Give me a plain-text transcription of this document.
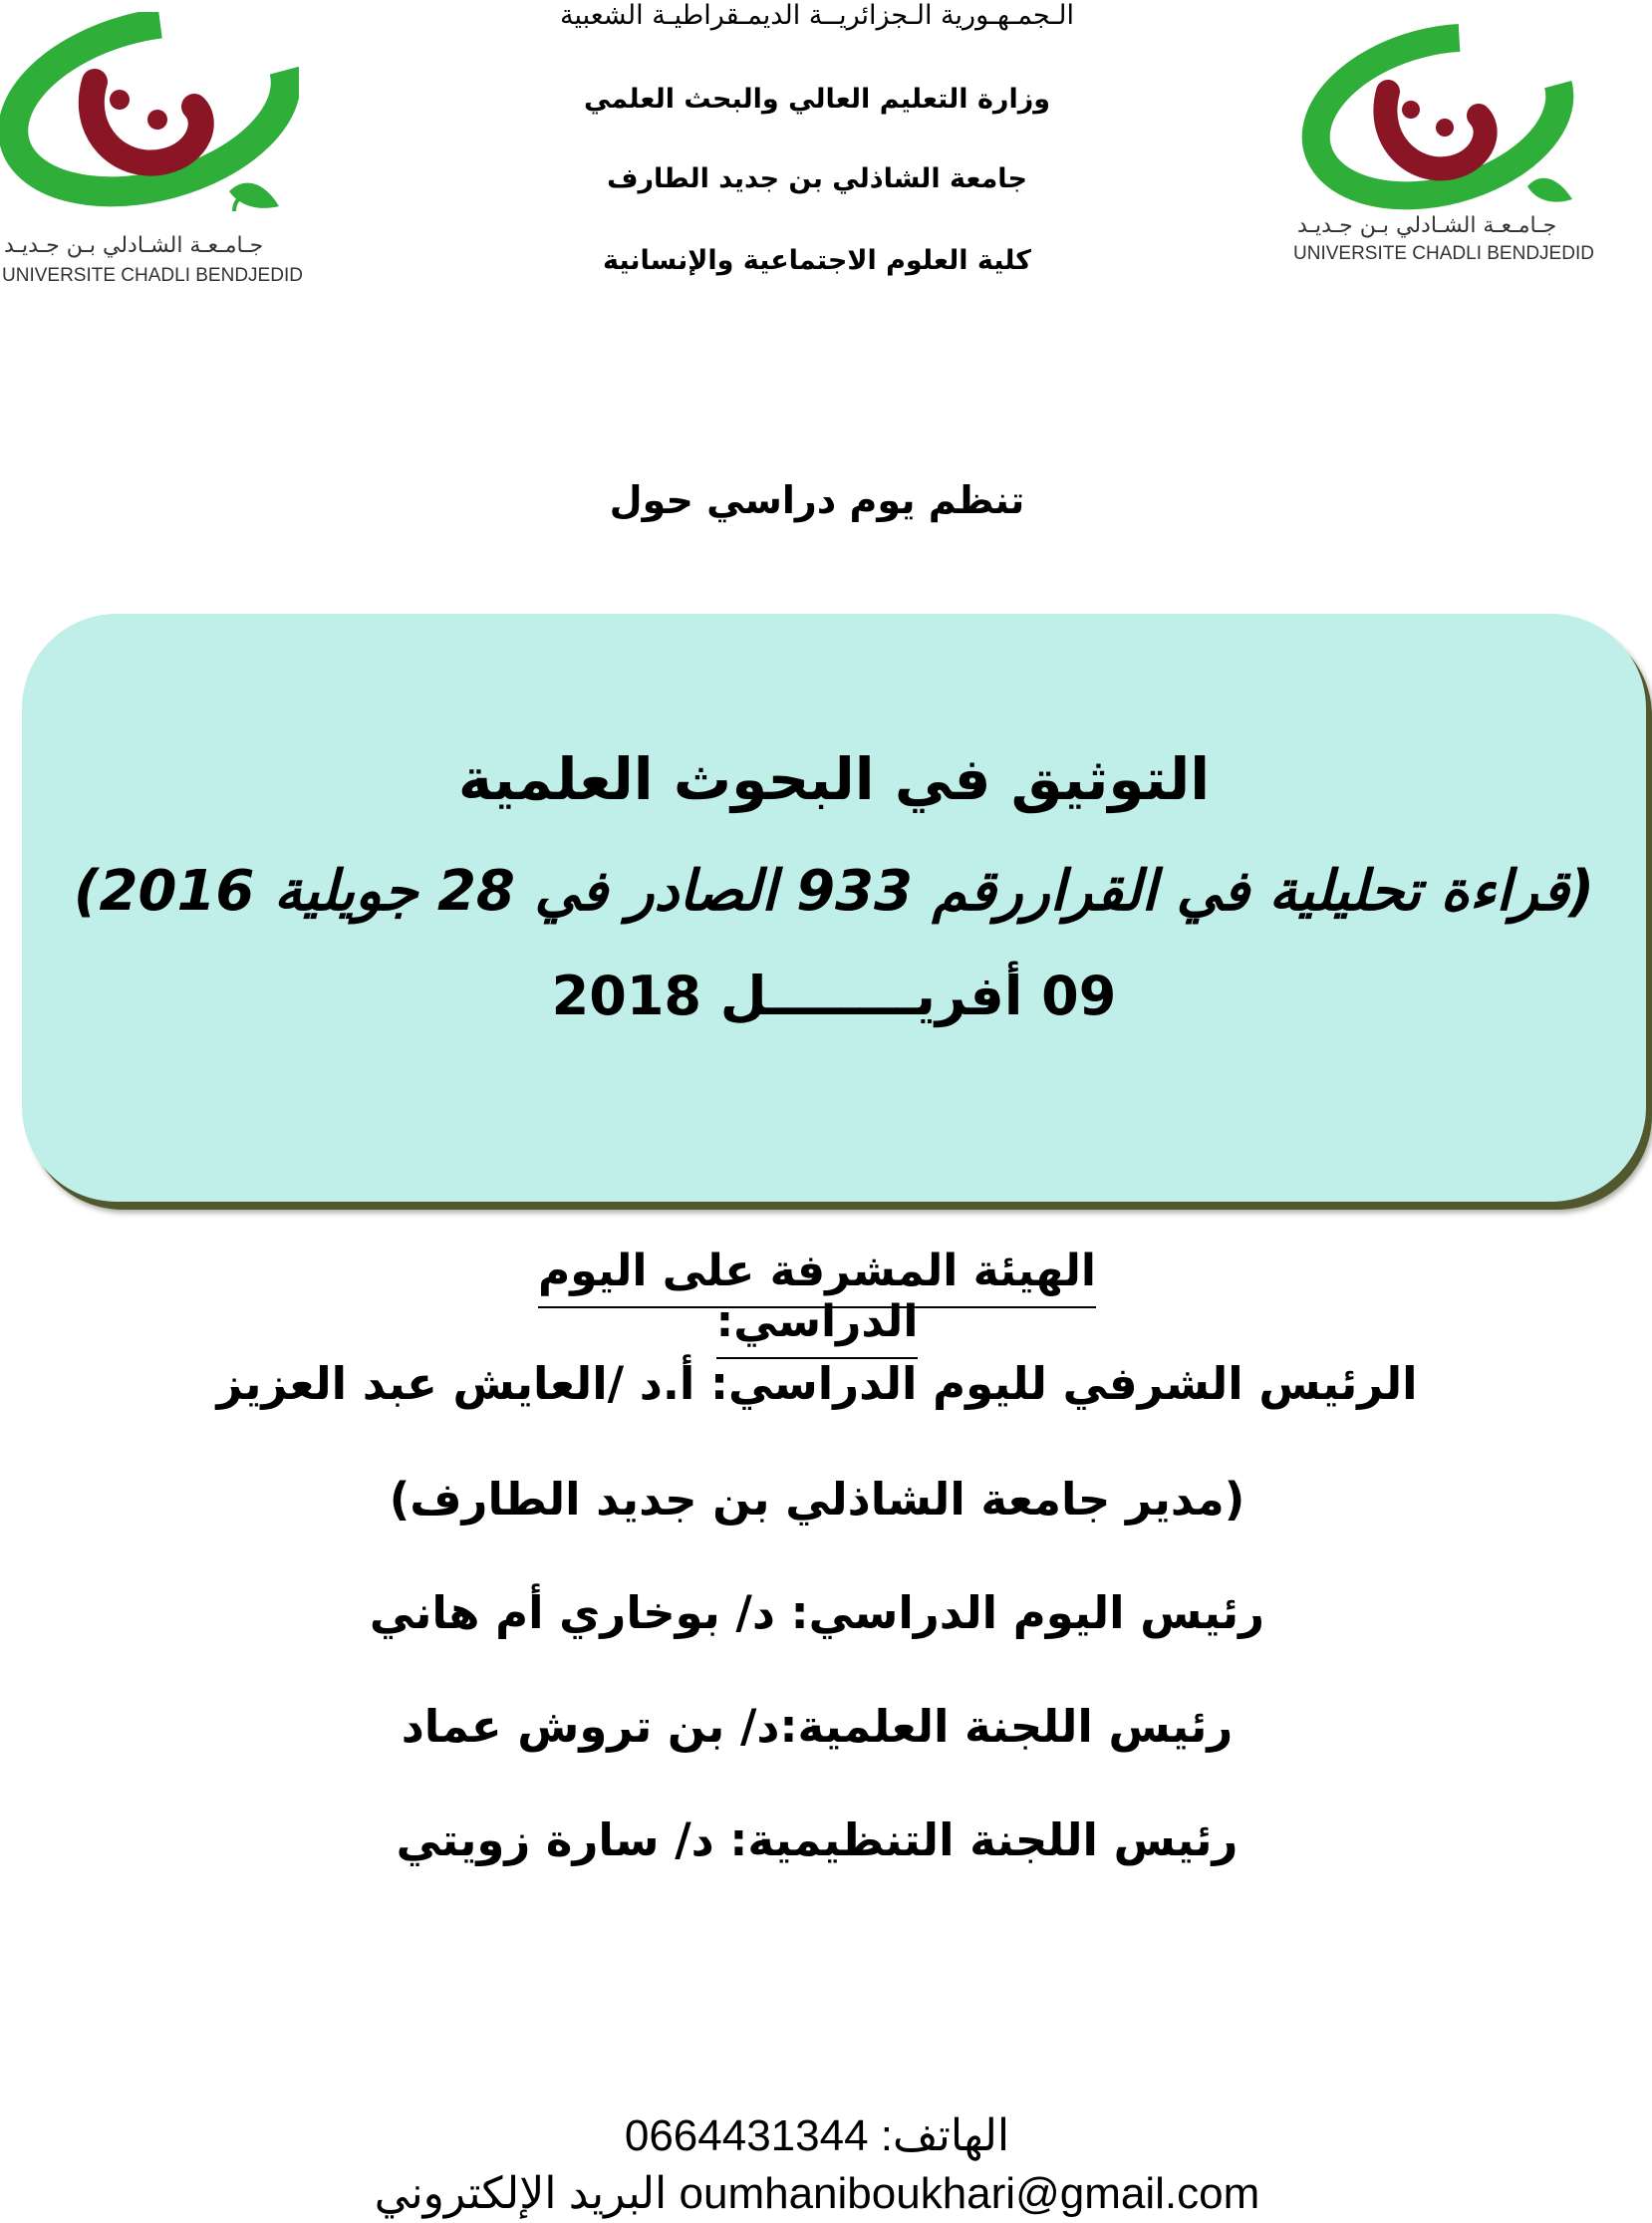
جـامـعـة الشـادلي بـن جـديـد
UNIVERSITE CHADLI BENDJEDID
جـامـعـة الشـادلي بـن جـديـد
UNIVERSITE CHADLI BENDJEDID
الـجمـهـورية الـجزائريــة الديمـقراطيـة الشعبية
وزارة التعليم العالي والبحث العلمي
جامعة الشاذلي بن جديد الطارف
كلية العلوم الاجتماعية والإنسانية
تنظم يوم دراسي حول
التوثيق في البحوث العلمية
(قراءة تحليلية في القراررقم 933 الصادر في 28 جويلية 2016)
09 أفريــــــــل 2018
الهيئة المشرفة على اليوم الدراسي:
الرئيس الشرفي لليوم الدراسي: أ.د /العايش عبد العزيز
(مدير جامعة الشاذلي بن جديد الطارف)
رئيس اليوم الدراسي: د/ بوخاري أم هاني
رئيس اللجنة العلمية:د/ بن تروش عماد
رئيس اللجنة التنظيمية: د/ سارة زويتي
الهاتف: 0664431344
البريد الإلكتروني oumhaniboukhari@gmail.com
